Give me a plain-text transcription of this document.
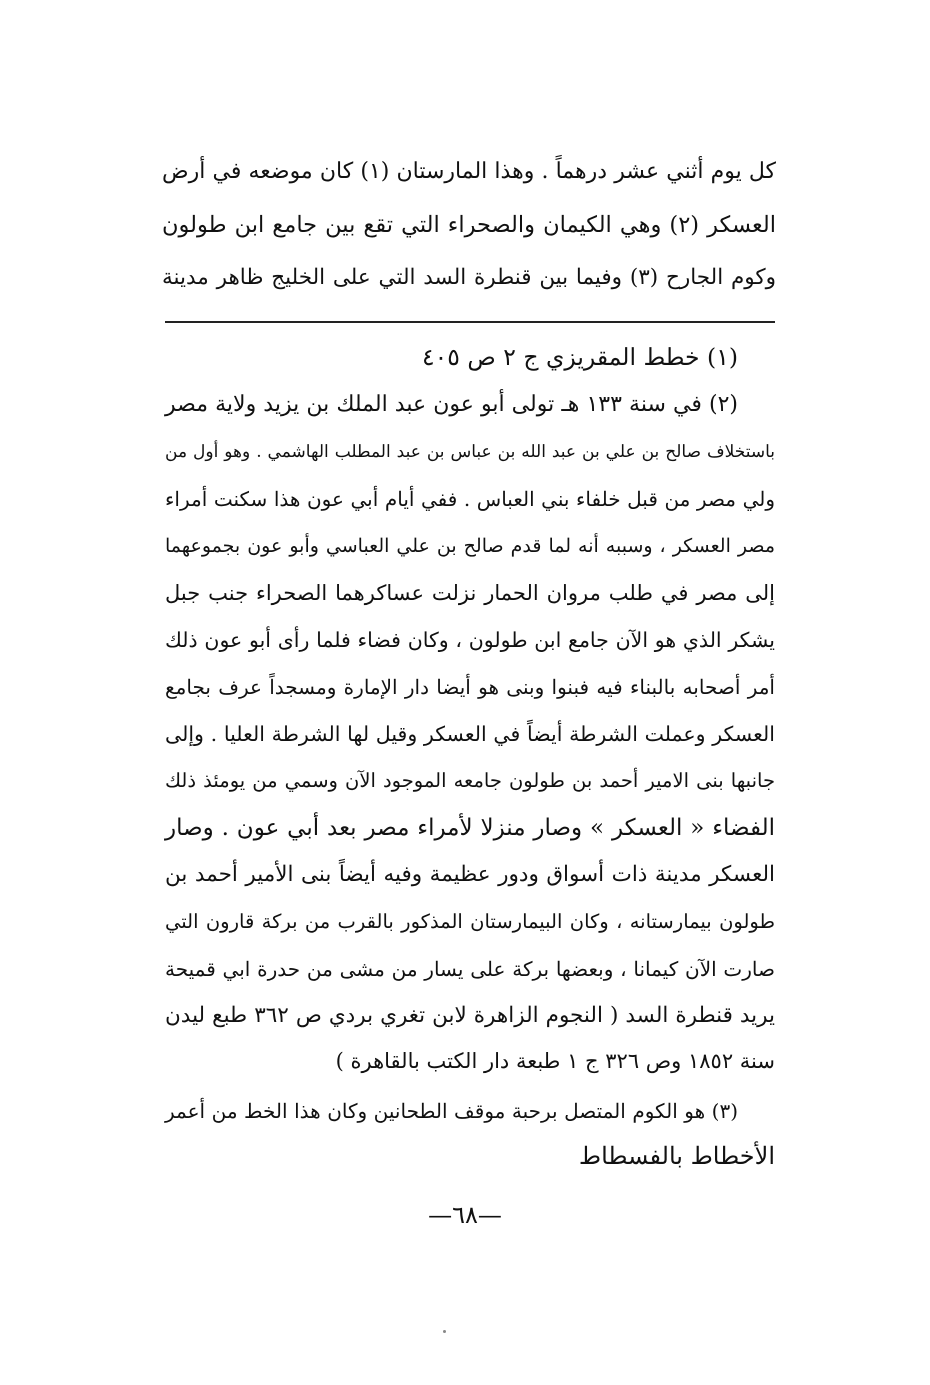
كل يوم أثني عشر درهماً . وهذا المارستان (١) كان موضعه في أرض
العسكر (٢) وهي الكيمان والصحراء التي تقع بين جامع ابن طولون
وكوم الجارح (٣) وفيما بين قنطرة السد التي على الخليج ظاهر مدينة
(١) خطط المقريزي ج ٢ ص ٤٠٥
(٢) في سنة ١٣٣ هـ تولى أبو عون عبد الملك بن يزيد ولاية مصر
باستخلاف صالح بن علي بن عبد الله بن عباس بن عبد المطلب الهاشمي . وهو أول من
ولي مصر من قبل خلفاء بني العباس . ففي أيام أبي عون هذا سكنت أمراء
مصر العسكر ، وسببه أنه لما قدم صالح بن علي العباسي وأبو عون بجموعهما
إلى مصر في طلب مروان الحمار نزلت عساكرهما الصحراء جنب جبل
يشكر الذي هو الآن جامع ابن طولون ، وكان فضاء فلما رأى أبو عون ذلك
أمر أصحابه بالبناء فيه فبنوا وبنى هو أيضا دار الإمارة ومسجداً عرف بجامع
العسكر وعملت الشرطة أيضاً في العسكر وقيل لها الشرطة العليا . وإلى
جانبها بنى الامير أحمد بن طولون جامعه الموجود الآن وسمي من يومئذ ذلك
الفضاء « العسكر » وصار منزلا لأمراء مصر بعد أبي عون . وصار
العسكر مدينة ذات أسواق ودور عظيمة وفيه أيضاً بنى الأمير أحمد بن
طولون بيمارستانه ، وكان البيمارستان المذكور بالقرب من بركة قارون التي
صارت الآن كيمانا ، وبعضها بركة على يسار من مشى من حدرة ابي قميحة
يريد قنطرة السد ( النجوم الزاهرة لابن تغري بردي ص ٣٦٢ طبع ليدن
سنة ١٨٥٢ وص ٣٢٦ ج ١ طبعة دار الكتب بالقاهرة )
(٣) هو الكوم المتصل برحبة موقف الطحانين وكان هذا الخط من أعمر
الأخطاط بالفسطاط
—٦٨—
